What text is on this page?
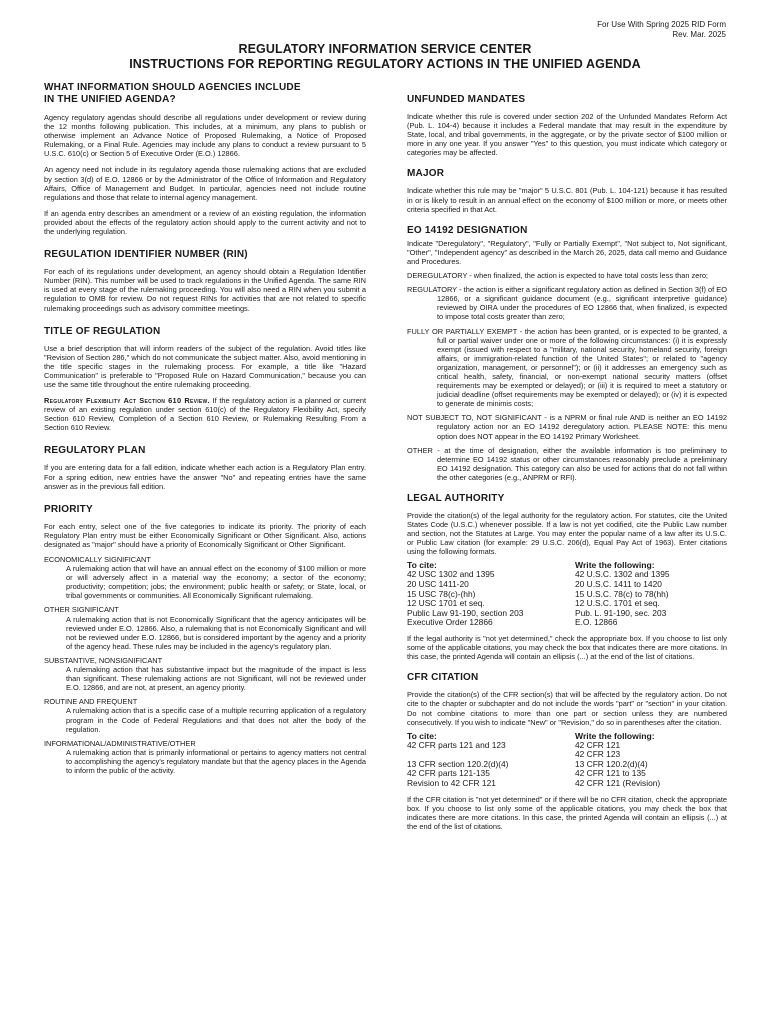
For Use With Spring 2025 RID Form
Rev. Mar. 2025
REGULATORY INFORMATION SERVICE CENTER
INSTRUCTIONS FOR REPORTING REGULATORY ACTIONS IN THE UNIFIED AGENDA
WHAT INFORMATION SHOULD AGENCIES INCLUDE
IN THE UNIFIED AGENDA?

Agency regulatory agendas should describe all regulations under development or review during the 12 months following publication. This includes, at a minimum, any plans to publish or otherwise implement an Advance Notice of Proposed Rulemaking, a Notice of Proposed Rulemaking, or a Final Rule. Agencies may include any plans to conduct a review pursuant to 5 U.S.C. 610(c) or Section 5 of Executive Order (E.O.) 12866.

An agency need not include in its regulatory agenda those rulemaking actions that are excluded by section 3(d) of E.O. 12866 or by the Administrator of the Office of Information and Regulatory Affairs, Office of Management and Budget. In particular, agencies need not include routine regulations and those that relate to internal agency management.

If an agenda entry describes an amendment or a review of an existing regulation, the information provided about the effects of the regulatory action should apply to the current activity and not to the underlying regulation.

REGULATION IDENTIFIER NUMBER (RIN)

For each of its regulations under development, an agency should obtain a Regulation Identifier Number (RIN). This number will be used to track regulations in the Unified Agenda. The same RIN is used at every stage of the rulemaking proceeding. You will also need a RIN when you submit a regulation to OMB for review. Do not request RINs for activities that are not related to specific rulemaking proceedings such as advisory committee meetings.

TITLE OF REGULATION

Use a brief description that will inform readers of the subject of the regulation. Avoid titles like "Revision of Section 286," which do not communicate the subject matter. Also, avoid mentioning in the title specific stages in the rulemaking process. For example, a title like "Hazard Communication" is preferable to "Proposed Rule on Hazard Communication," because you can use the same title throughout the entire rulemaking proceeding.

Regulatory Flexibility Act Section 610 Review. If the regulatory action is a planned or current review of an existing regulation under section 610(c) of the Regulatory Flexibility Act, specify Section 610 Review, Completion of a Section 610 Review, or Rulemaking Resulting From a Section 610 Review.

REGULATORY PLAN

If you are entering data for a fall edition, indicate whether each action is a Regulatory Plan entry. For a spring edition, new entries have the answer "No" and repeating entries have the same answer as in the previous fall edition.

PRIORITY

For each entry, select one of the five categories to indicate its priority. The priority of each Regulatory Plan entry must be either Economically Significant or Other Significant. Also, actions designated as "major" should have a priority of Economically Significant or Other Significant.

ECONOMICALLY SIGNIFICANT
A rulemaking action that will have an annual effect on the economy of $100 million or more or will adversely affect in a material way the economy; a sector of the economy; productivity; competition; jobs; the environment; public health or safety; or State, local, or tribal governments or communities. All Economically Significant rulemaking.
OTHER SIGNIFICANT
A rulemaking action that is not Economically Significant that the agency anticipates will be reviewed under E.O. 12866. Also, a rulemaking that is not Economically Significant and will not be reviewed under E.O. 12866, but is considered important by the agency and a priority of the agency head. These rules may be included in the agency's regulatory plan.
SUBSTANTIVE, NONSIGNIFICANT
A rulemaking action that has substantive impact but the magnitude of the impact is less than significant. These rulemaking actions are not Significant, will not be reviewed under E.O. 12866, and are not, at present, an agency priority.
ROUTINE AND FREQUENT
A rulemaking action that is a specific case of a multiple recurring application of a regulatory program in the Code of Federal Regulations and that does not alter the body of the regulation.
INFORMATIONAL/ADMINISTRATIVE/OTHER
A rulemaking action that is primarily informational or pertains to agency matters not central to accomplishing the agency's regulatory mandate but that the agency places in the Agenda to inform the public of the activity.
UNFUNDED MANDATES

Indicate whether this rule is covered under section 202 of the Unfunded Mandates Reform Act (Pub. L. 104-4) because it includes a Federal mandate that may result in the expenditure by State, local, and tribal governments, in the aggregate, or by the private sector of $100 million or more in any one year. If you answer "Yes" to this question, you must indicate which category or categories may be affected.

MAJOR

Indicate whether this rule may be "major" 5 U.S.C. 801 (Pub. L. 104-121) because it has resulted in or is likely to result in an annual effect on the economy of $100 million or more, or meets other criteria specified in that Act.

EO 14192 DESIGNATION

Indicate "Deregulatory", "Regulatory", "Fully or Partially Exempt", "Not subject to, Not significant, "Other", "Independent agency" as described in the March 26, 2025, data call memo and Guidance and Procedures.

DEREGULATORY - when finalized, the action is expected to have total costs less than zero;
REGULATORY - the action is either a significant regulatory action as defined in Section 3(f) of EO 12866, or a significant guidance document (e.g., significant interpretive guidance) reviewed by OIRA under the procedures of EO 12866 that, when finalized, is expected to impose total costs greater than zero;
FULLY OR PARTIALLY EXEMPT - the action has been granted, or is expected to be granted, a full or partial waiver under one or more of the following circumstances: (i) it is expressly exempt (issued with respect to a "military, national security, homeland security, foreign affairs, or immigration-related function of the United States"; or related to "agency organization, management, or personnel"); or (ii) it addresses an emergency such as critical health, safety, financial, or non-exempt national security matters (offset requirements may be exempted or delayed); or (iii) it is required to meet a statutory or judicial deadline (offset requirements may be exempted or delayed); or (iv) it is expected to generate de minimis costs;
NOT SUBJECT TO, NOT SIGNIFICANT - is a NPRM or final rule AND is neither an EO 14192 regulatory action nor an EO 14192 deregulatory action. PLEASE NOTE: this menu option does NOT appear in the EO 14192 Primary Worksheet.
OTHER - at the time of designation, either the available information is too preliminary to determine EO 14192 status or other circumstances reasonably preclude a preliminary EO 14192 designation. This category can also be used for actions that do not fall within the other categories (e.g., ANPRM or RFI).
LEGAL AUTHORITY

Provide the citation(s) of the legal authority for the regulatory action. For statutes, cite the United States Code (U.S.C.) whenever possible. If a law is not yet codified, cite the Public Law number and section, not the Statutes at Large. You may enter the popular name of a law after its U.S.C. or Public Law citation (for example: 29 U.S.C. 206(d), Equal Pay Act of 1963). Enter citations using the following formats.

To cite:
42 USC 1302 and 1395
20 USC 1411-20
15 USC 78(c)-(hh)
12 USC 1701 et seq.
Public Law 91-190, section 203
Executive Order 12866
Write the following:
42 U.S.C. 1302 and 1395
20 U.S.C. 1411 to 1420
15 U.S.C. 78(c) to 78(hh)
12 U.S.C. 1701 et seq.
Pub. L. 91-190, sec. 203
E.O. 12866

If the legal authority is "not yet determined," check the appropriate box. If you choose to list only some of the applicable citations, you may check the box that indicates there are more citations. In this case, the printed Agenda will contain an ellipsis (...) at the end of the list of citations.

CFR CITATION

Provide the citation(s) of the CFR section(s) that will be affected by the regulatory action. Do not cite to the chapter or subchapter and do not include the words "part" or "section" in your citation. Do not combine citations to more than one part or section unless they are numbered consecutively. If you wish to indicate "New" or "Revision," do so in parentheses after the citation.

To cite:
42 CFR parts 121 and 123
13 CFR section 120.2(d)(4)
42 CFR parts 121-135
Revision to 42 CFR 121
Write the following:
42 CFR 121
42 CFR 123
13 CFR 120.2(d)(4)
42 CFR 121 to 135
42 CFR 121 (Revision)

If the CFR citation is "not yet determined" or if there will be no CFR citation, check the appropriate box. If you choose to list only some of the applicable citations, you may check the box that indicates there are more citations. In this case, the printed Agenda will contain an ellipsis (...) at the end of the list of citations.
